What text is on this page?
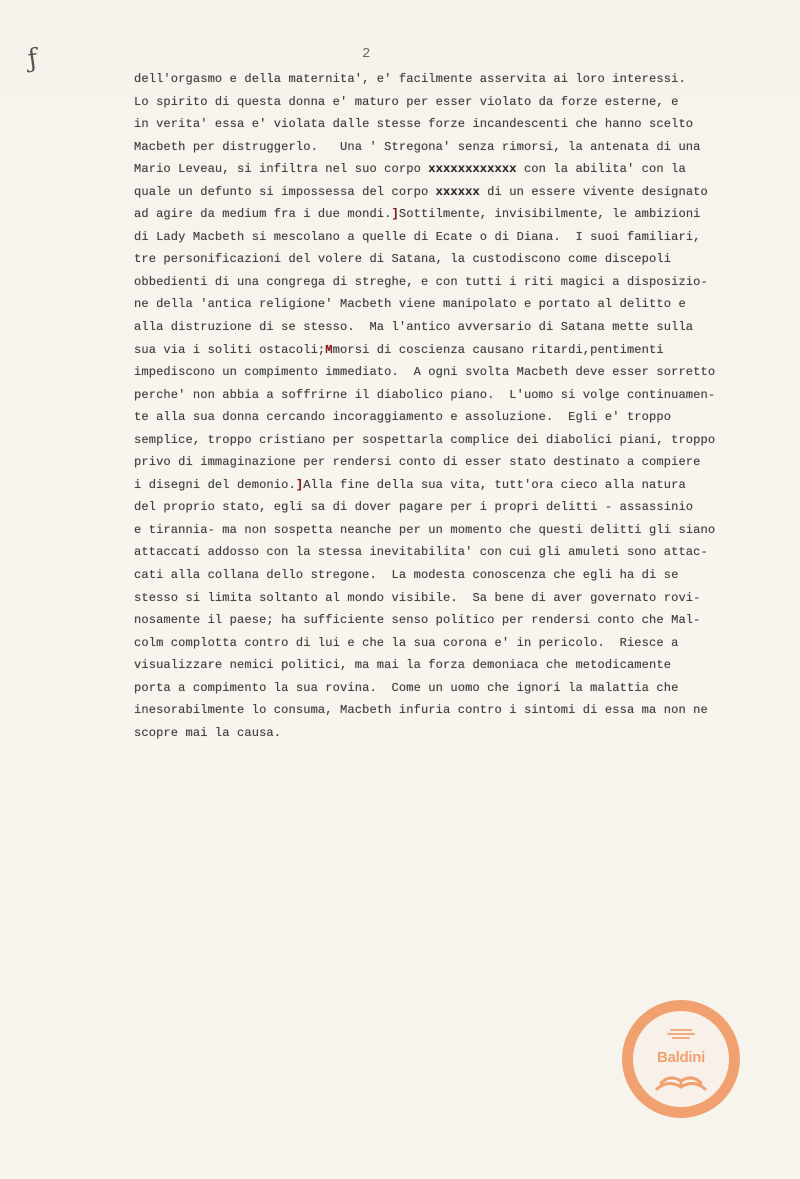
ƒ	2
dell'orgasmo e della maternita', e' facilmente asservita ai loro interessi.
Lo spirito di questa donna e' maturo per esser violato da forze esterne, e
in verita' essa e' violata dalle stesse forze incandescenti che hanno scelto
Macbeth per distruggerlo.   Una ' Stregona' senza rimorsi, la antenata di una
Mario Leveau, si infiltra nel suo corpo xxxxxxxxxxxx con la abilita' con la
quale un defunto si impossessa del corpo xxxxxx di un essere vivente designato
ad agire da medium fra i due mondi.]Sottilmente, invisibilmente, le ambizioni
di Lady Macbeth si mescolano a quelle di Ecate o di Diana.  I suoi familiari,
tre personificazioni del volere di Satana, la custodiscono come discepoli
obbedienti di una congrega di streghe, e con tutti i riti magici a disposizio-
ne della 'antica religione' Macbeth viene manipolato e portato al delitto e
alla distruzione di se stesso.  Ma l'antico avversario di Satana mette sulla
sua via i soliti ostacoli;Mmorsi di coscienza causano ritardi,pentimenti
impediscono un compimento immediato.  A ogni svolta Macbeth deve esser sorretto
perche' non abbia a soffrirne il diabolico piano.  L'uomo si volge continuamen-
te alla sua donna cercando incoraggiamento e assoluzione.  Egli e' troppo
semplice, troppo cristiano per sospettarla complice dei diabolici piani, troppo
privo di immaginazione per rendersi conto di esser stato destinato a compiere
i disegni del demonio.]Alla fine della sua vita, tutt'ora cieco alla natura
del proprio stato, egli sa di dover pagare per i propri delitti - assassinio
e tirannia- ma non sospetta neanche per un momento che questi delitti gli siano
attaccati addosso con la stessa inevitabilita' con cui gli amuleti sono attac-
cati alla collana dello stregone.  La modesta conoscenza che egli ha di se
stesso si limita soltanto al mondo visibile.  Sa bene di aver governato rovi-
nosamente il paese; ha sufficiente senso politico per rendersi conto che Mal-
colm complotta contro di lui e che la sua corona e' in pericolo.  Riesce a
visualizzare nemici politici, ma mai la forza demoniaca che metodicamente
porta a compimento la sua rovina.  Come un uomo che ignori la malattia che
inesorabilmente lo consuma, Macbeth infuria contro i sintomi di essa ma non ne
scopre mai la causa.
Baldini
